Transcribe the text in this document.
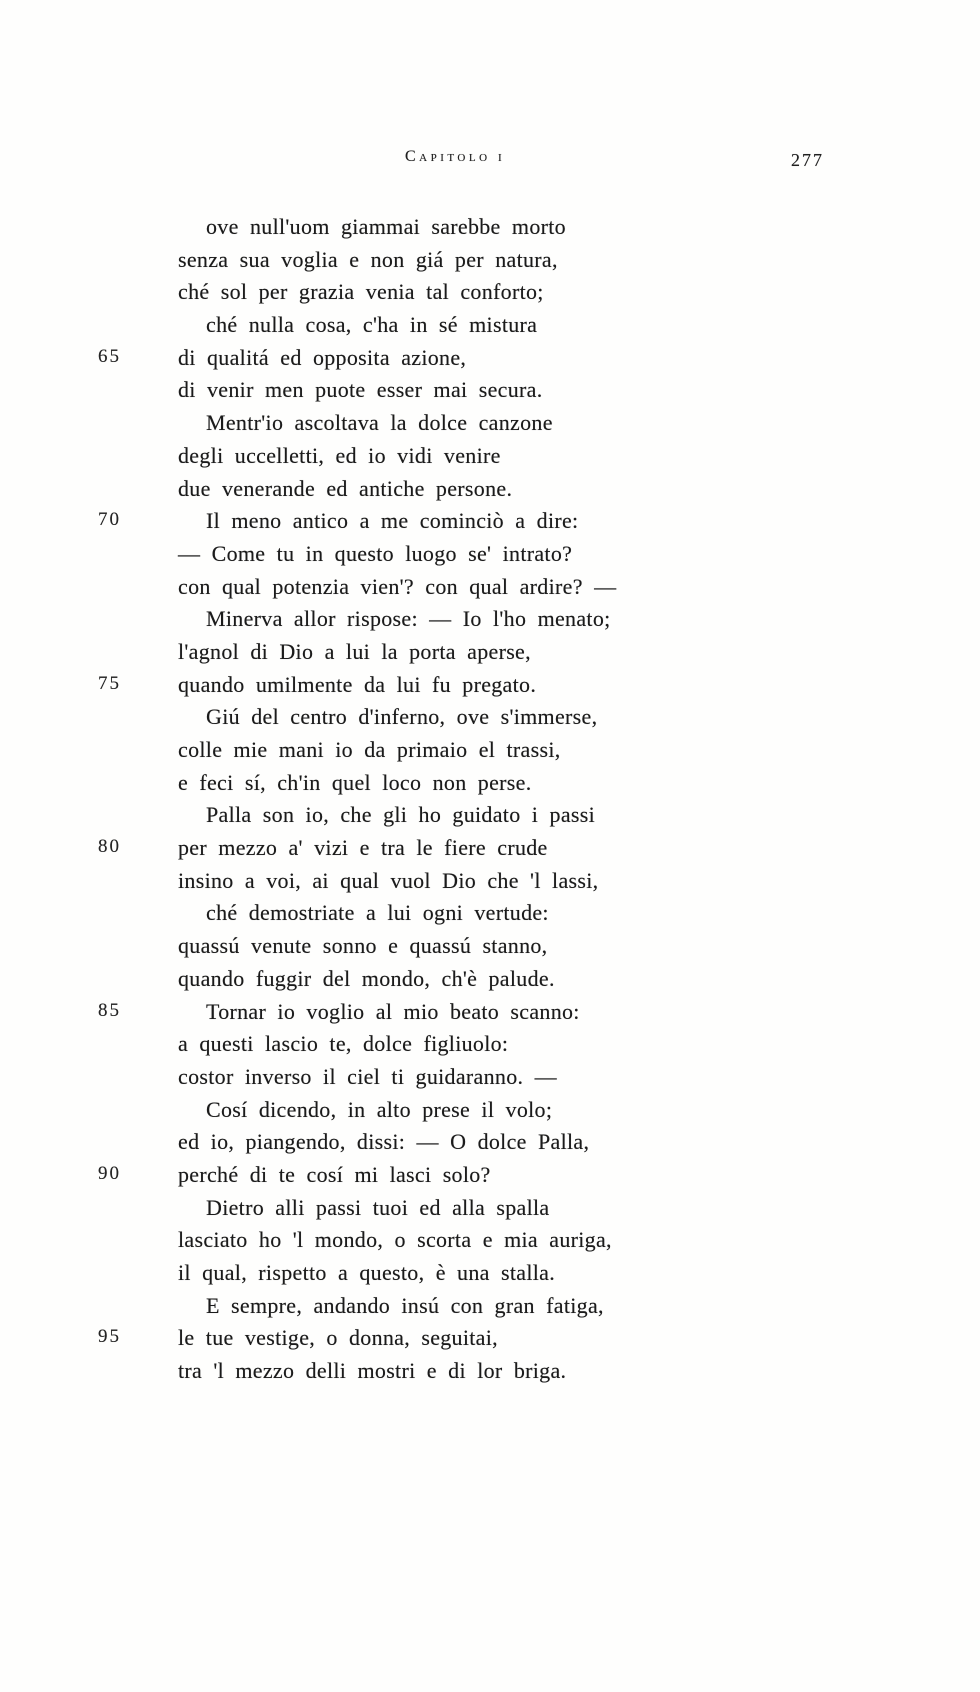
Capitolo i	277
ove null'uom giammai sarebbe morto
senza sua voglia e non giá per natura,
ché sol per grazia venia tal conforto;
ché nulla cosa, c'ha in sé mistura
65	di qualitá ed opposita azione,
di venir men puote esser mai secura.
Mentr'io ascoltava la dolce canzone
degli uccelletti, ed io vidi venire
due venerande ed antiche persone.
70	Il meno antico a me cominciò a dire:
— Come tu in questo luogo se' intrato?
con qual potenzia vien'? con qual ardire? —
Minerva allor rispose: — Io l'ho menato;
l'agnol di Dio a lui la porta aperse,
75	quando umilmente da lui fu pregato.
Giú del centro d'inferno, ove s'immerse,
colle mie mani io da primaio el trassi,
e feci sí, ch'in quel loco non perse.
Palla son io, che gli ho guidato i passi
80	per mezzo a' vizi e tra le fiere crude
insino a voi, ai qual vuol Dio che 'l lassi,
ché demostriate a lui ogni vertude:
quassú venute sonno e quassú stanno,
quando fuggir del mondo, ch'è palude.
85	Tornar io voglio al mio beato scanno:
a questi lascio te, dolce figliuolo:
costor inverso il ciel ti guidaranno. —
Cosí dicendo, in alto prese il volo;
ed io, piangendo, dissi: — O dolce Palla,
90	perché di te cosí mi lasci solo?
Dietro alli passi tuoi ed alla spalla
lasciato ho 'l mondo, o scorta e mia auriga,
il qual, rispetto a questo, è una stalla.
E sempre, andando insú con gran fatiga,
95	le tue vestige, o donna, seguitai,
tra 'l mezzo delli mostri e di lor briga.
